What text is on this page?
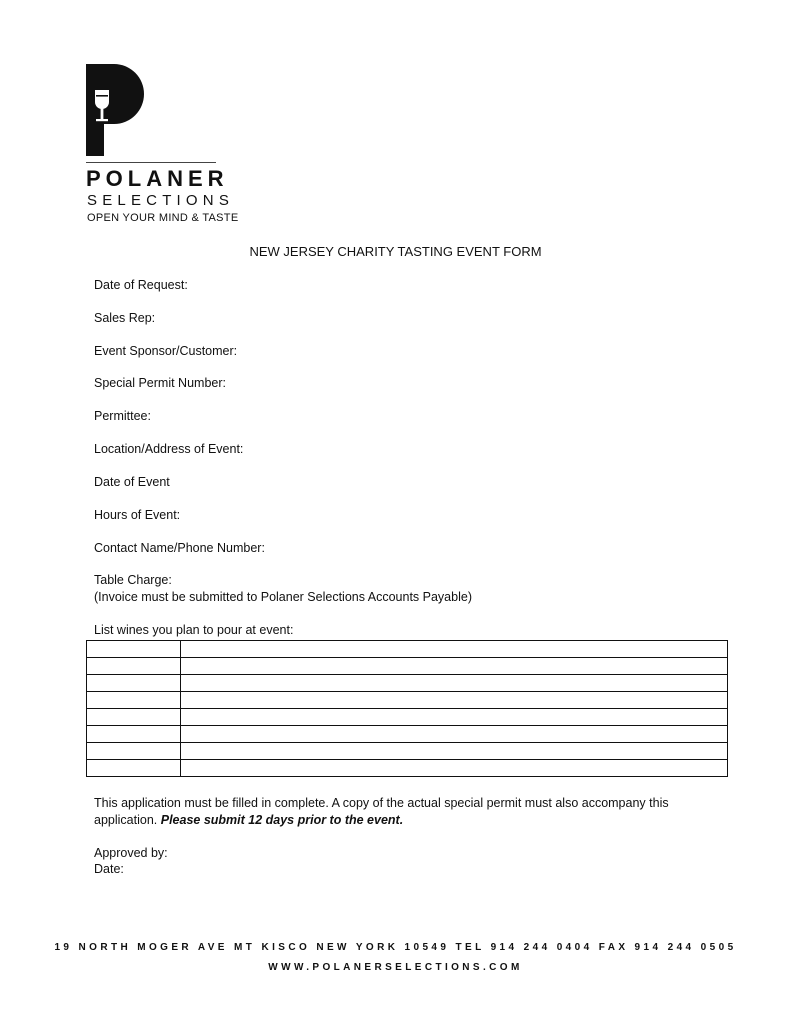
POLANER
SELECTIONS
OPEN YOUR MIND & TASTE
NEW JERSEY CHARITY TASTING EVENT FORM
Date of Request:
Sales Rep:
Event Sponsor/Customer:
Special Permit Number:
Permittee:
Location/Address of Event:
Date of Event
Hours of Event:
Contact Name/Phone Number:
Table Charge:
(Invoice must be submitted to Polaner Selections Accounts Payable)
List wines you plan to pour at event:

This application must be filled in complete. A copy of the actual special permit must also accompany this application. Please submit 12 days prior to the event.
Approved by:
Date:
19 NORTH MOGER AVE MT KISCO NEW YORK 10549 TEL 914 244 0404 FAX 914 244 0505
WWW.POLANERSELECTIONS.COM
